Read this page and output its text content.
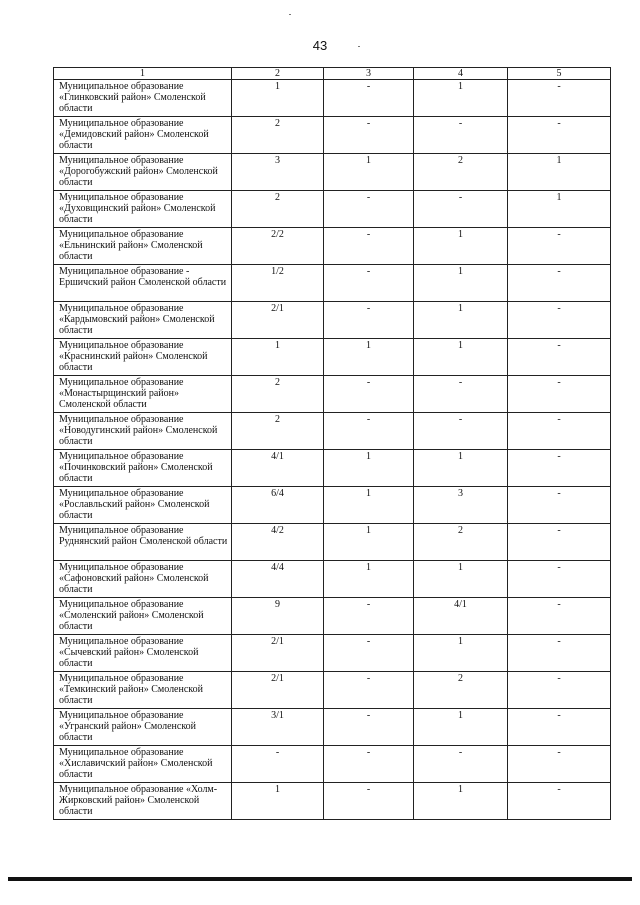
43
1	2	3	4	5
Муниципальное образование «Глинковский район» Смоленской области	1	-	1	-
Муниципальное образование «Демидовский район» Смоленской области	2	-	-	-
Муниципальное образование «Дорогобужский район» Смоленской области	3	1	2	1
Муниципальное образование «Духовщинский район» Смоленской области	2	-	-	1
Муниципальное образование «Ельнинский район» Смоленской области	2/2	-	1	-
Муниципальное образование - Ершичский район Смоленской области	1/2	-	1	-
Муниципальное образование «Кардымовский район» Смоленской области	2/1	-	1	-
Муниципальное образование «Краснинский район» Смоленской области	1	1	1	-
Муниципальное образование «Монастырщинский район» Смоленской области	2	-	-	-
Муниципальное образование «Новодугинский район» Смоленской области	2	-	-	-
Муниципальное образование «Починковский район» Смоленской области	4/1	1	1	-
Муниципальное образование «Рославльский район» Смоленской области	6/4	1	3	-
Муниципальное образование Руднянский район Смоленской области	4/2	1	2	-
Муниципальное образование «Сафоновский район» Смоленской области	4/4	1	1	-
Муниципальное образование «Смоленский район» Смоленской области	9	-	4/1	-
Муниципальное образование «Сычевский район» Смоленской области	2/1	-	1	-
Муниципальное образование «Темкинский район» Смоленской области	2/1	-	2	-
Муниципальное образование «Угранский район» Смоленской области	3/1	-	1	-
Муниципальное образование «Хиславичский район» Смоленской области	-	-	-	-
Муниципальное образование «Холм-Жирковский район» Смоленской области	1	-	1	-
